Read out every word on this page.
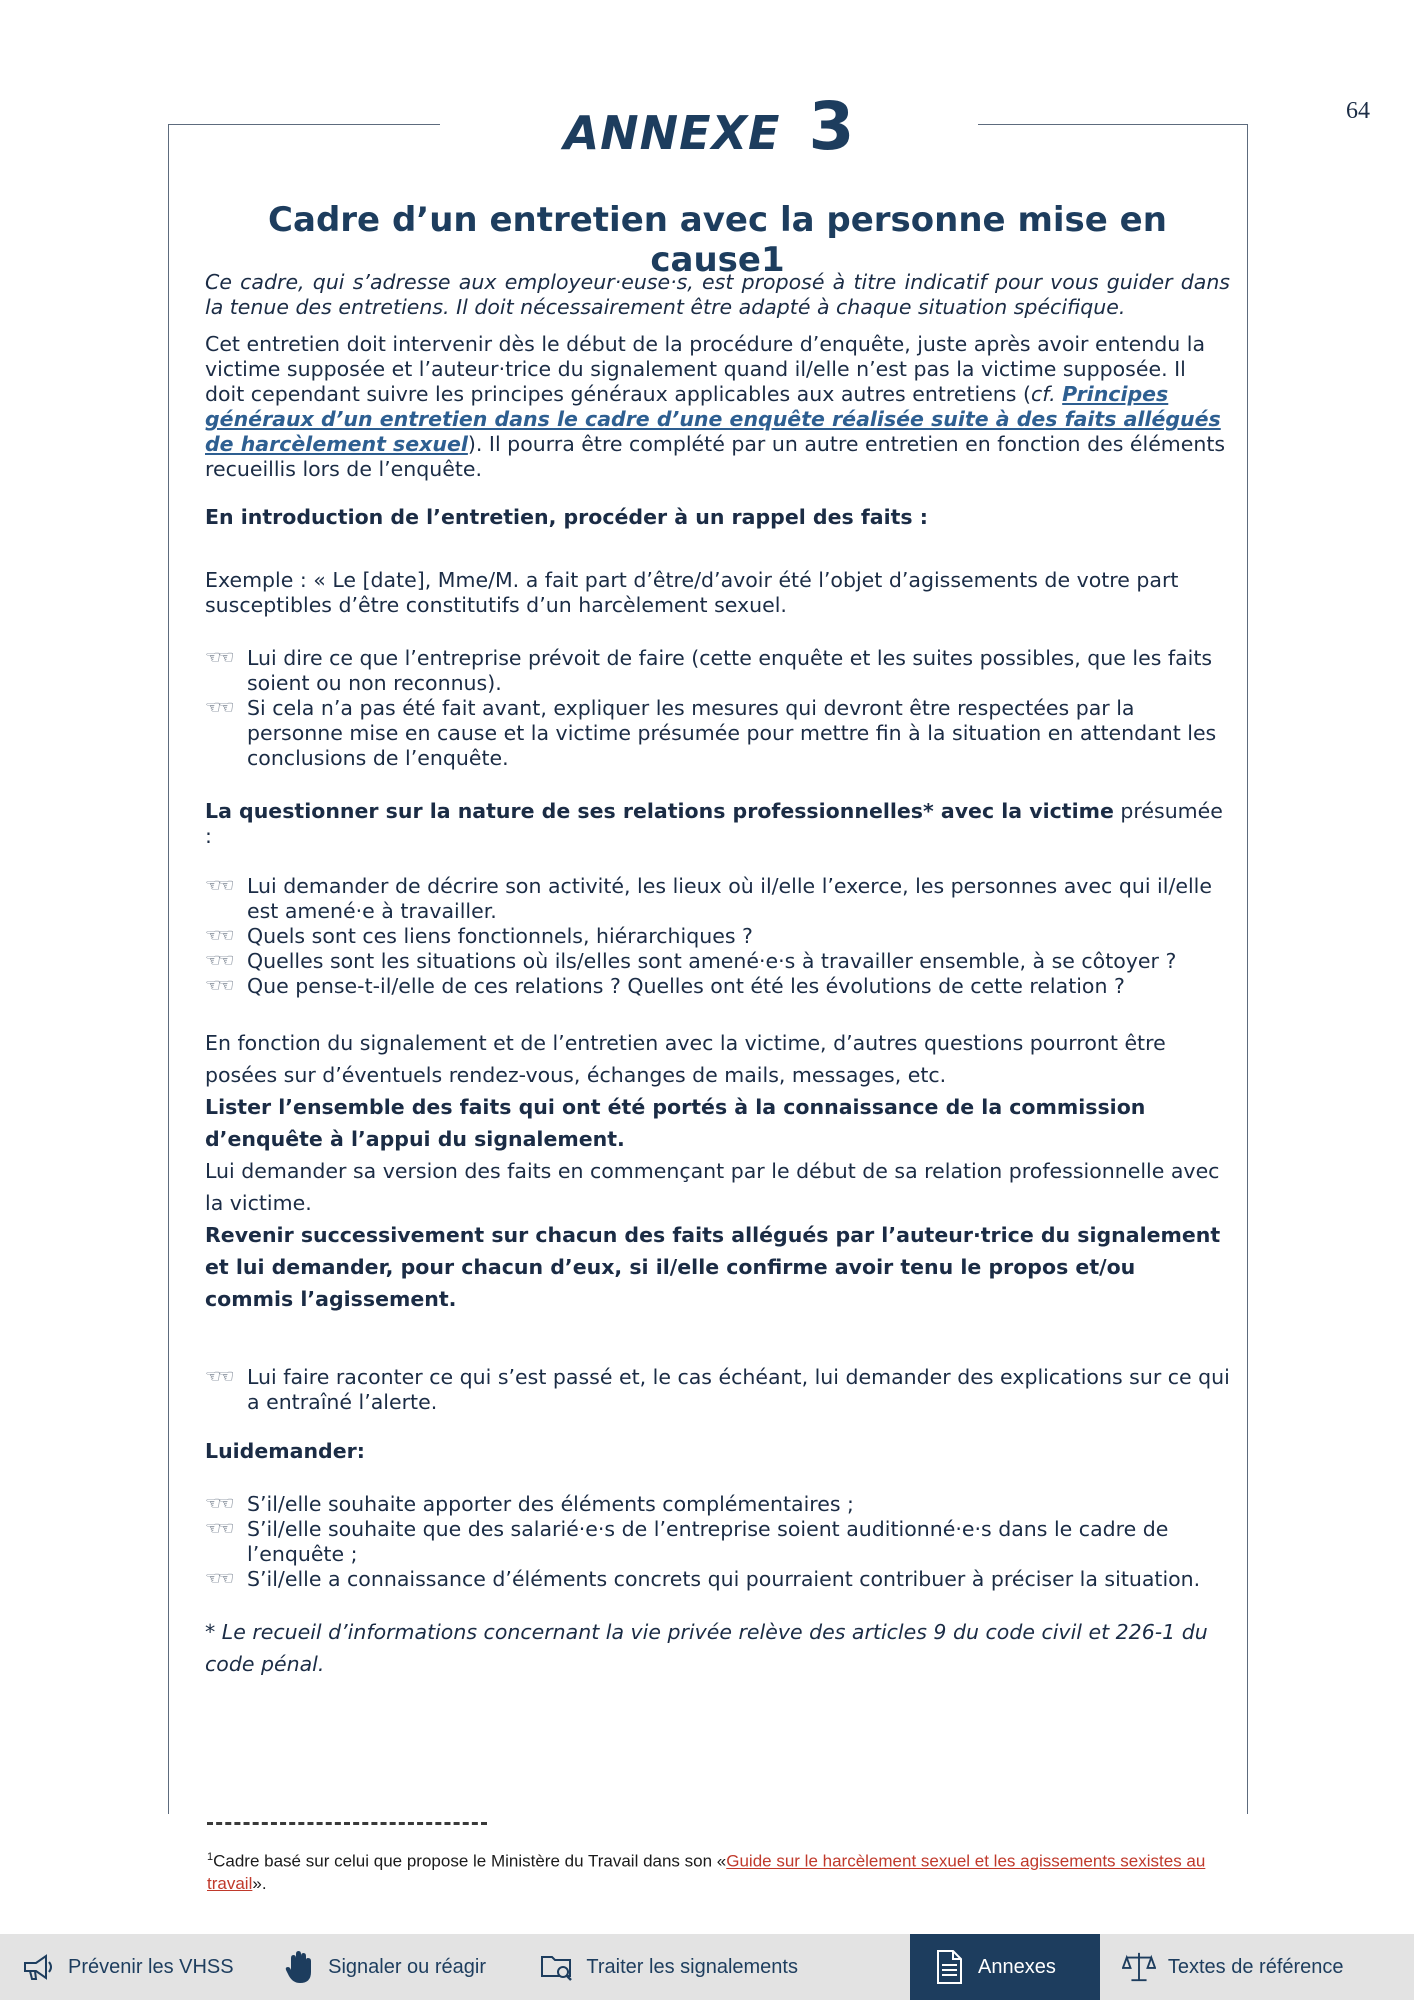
64
ANNEXE 3
Cadre d’un entretien avec la personne mise en cause1

Ce cadre, qui s’adresse aux employeur·euse·s, est proposé à titre indicatif pour vous guider dans la tenue des entretiens. Il doit nécessairement être adapté à chaque situation spécifique.

Cet entretien doit intervenir dès le début de la procédure d’enquête, juste après avoir entendu la victime supposée et l’auteur·trice du signalement quand il/elle n’est pas la victime supposée. Il doit cependant suivre les principes généraux applicables aux autres entretiens (cf. Principes généraux d’un entretien dans le cadre d’une enquête réalisée suite à des faits allégués de harcèlement sexuel). Il pourra être complété par un autre entretien en fonction des éléments recueillis lors de l’enquête.

En introduction de l’entretien, procéder à un rappel des faits :

Exemple : « Le [date], Mme/M. a fait part d’être/d’avoir été l’objet d’agissements de votre part susceptibles d’être constitutifs d’un harcèlement sexuel.

☜☜ Lui dire ce que l’entreprise prévoit de faire (cette enquête et les suites possibles, que les faits soient ou non reconnus).
☜☜ Si cela n’a pas été fait avant, expliquer les mesures qui devront être respectées par la personne mise en cause et la victime présumée pour mettre fin à la situation en attendant les conclusions de l’enquête.

La questionner sur la nature de ses relations professionnelles* avec la victime présumée :

☜☜ Lui demander de décrire son activité, les lieux où il/elle l’exerce, les personnes avec qui il/elle est amené·e à travailler.
☜☜ Quels sont ces liens fonctionnels, hiérarchiques ?
☜☜ Quelles sont les situations où ils/elles sont amené·e·s à travailler ensemble, à se côtoyer ?
☜☜ Que pense-t-il/elle de ces relations ? Quelles ont été les évolutions de cette relation ?

En fonction du signalement et de l’entretien avec la victime, d’autres questions pourront être posées sur d’éventuels rendez-vous, échanges de mails, messages, etc.

Lister l’ensemble des faits qui ont été portés à la connaissance de la commission d’enquête à l’appui du signalement.

Lui demander sa version des faits en commençant par le début de sa relation professionnelle avec la victime.

Revenir successivement sur chacun des faits allégués par l’auteur·trice du signalement et lui demander, pour chacun d’eux, si il/elle confirme avoir tenu le propos et/ou commis l’agissement.

☜☜ Lui faire raconter ce qui s’est passé et, le cas échéant, lui demander des explications sur ce qui a entraîné l’alerte.

Luidemander:

☜☜ S’il/elle souhaite apporter des éléments complémentaires ;
☜☜ S’il/elle souhaite que des salarié·e·s de l’entreprise soient auditionné·e·s dans le cadre de l’enquête ;
☜☜ S’il/elle a connaissance d’éléments concrets qui pourraient contribuer à préciser la situation.

* Le recueil d’informations concernant la vie privée relève des articles 9 du code civil et 226-1 du code pénal.

$^1$Cadre basé sur celui que propose le Ministère du Travail dans son «Guide sur le harcèlement sexuel et les agissements sexistes au travail».
Prévenir les VHSS	Signaler ou réagir	Traiter les signalements	Annexes	Textes de référence
